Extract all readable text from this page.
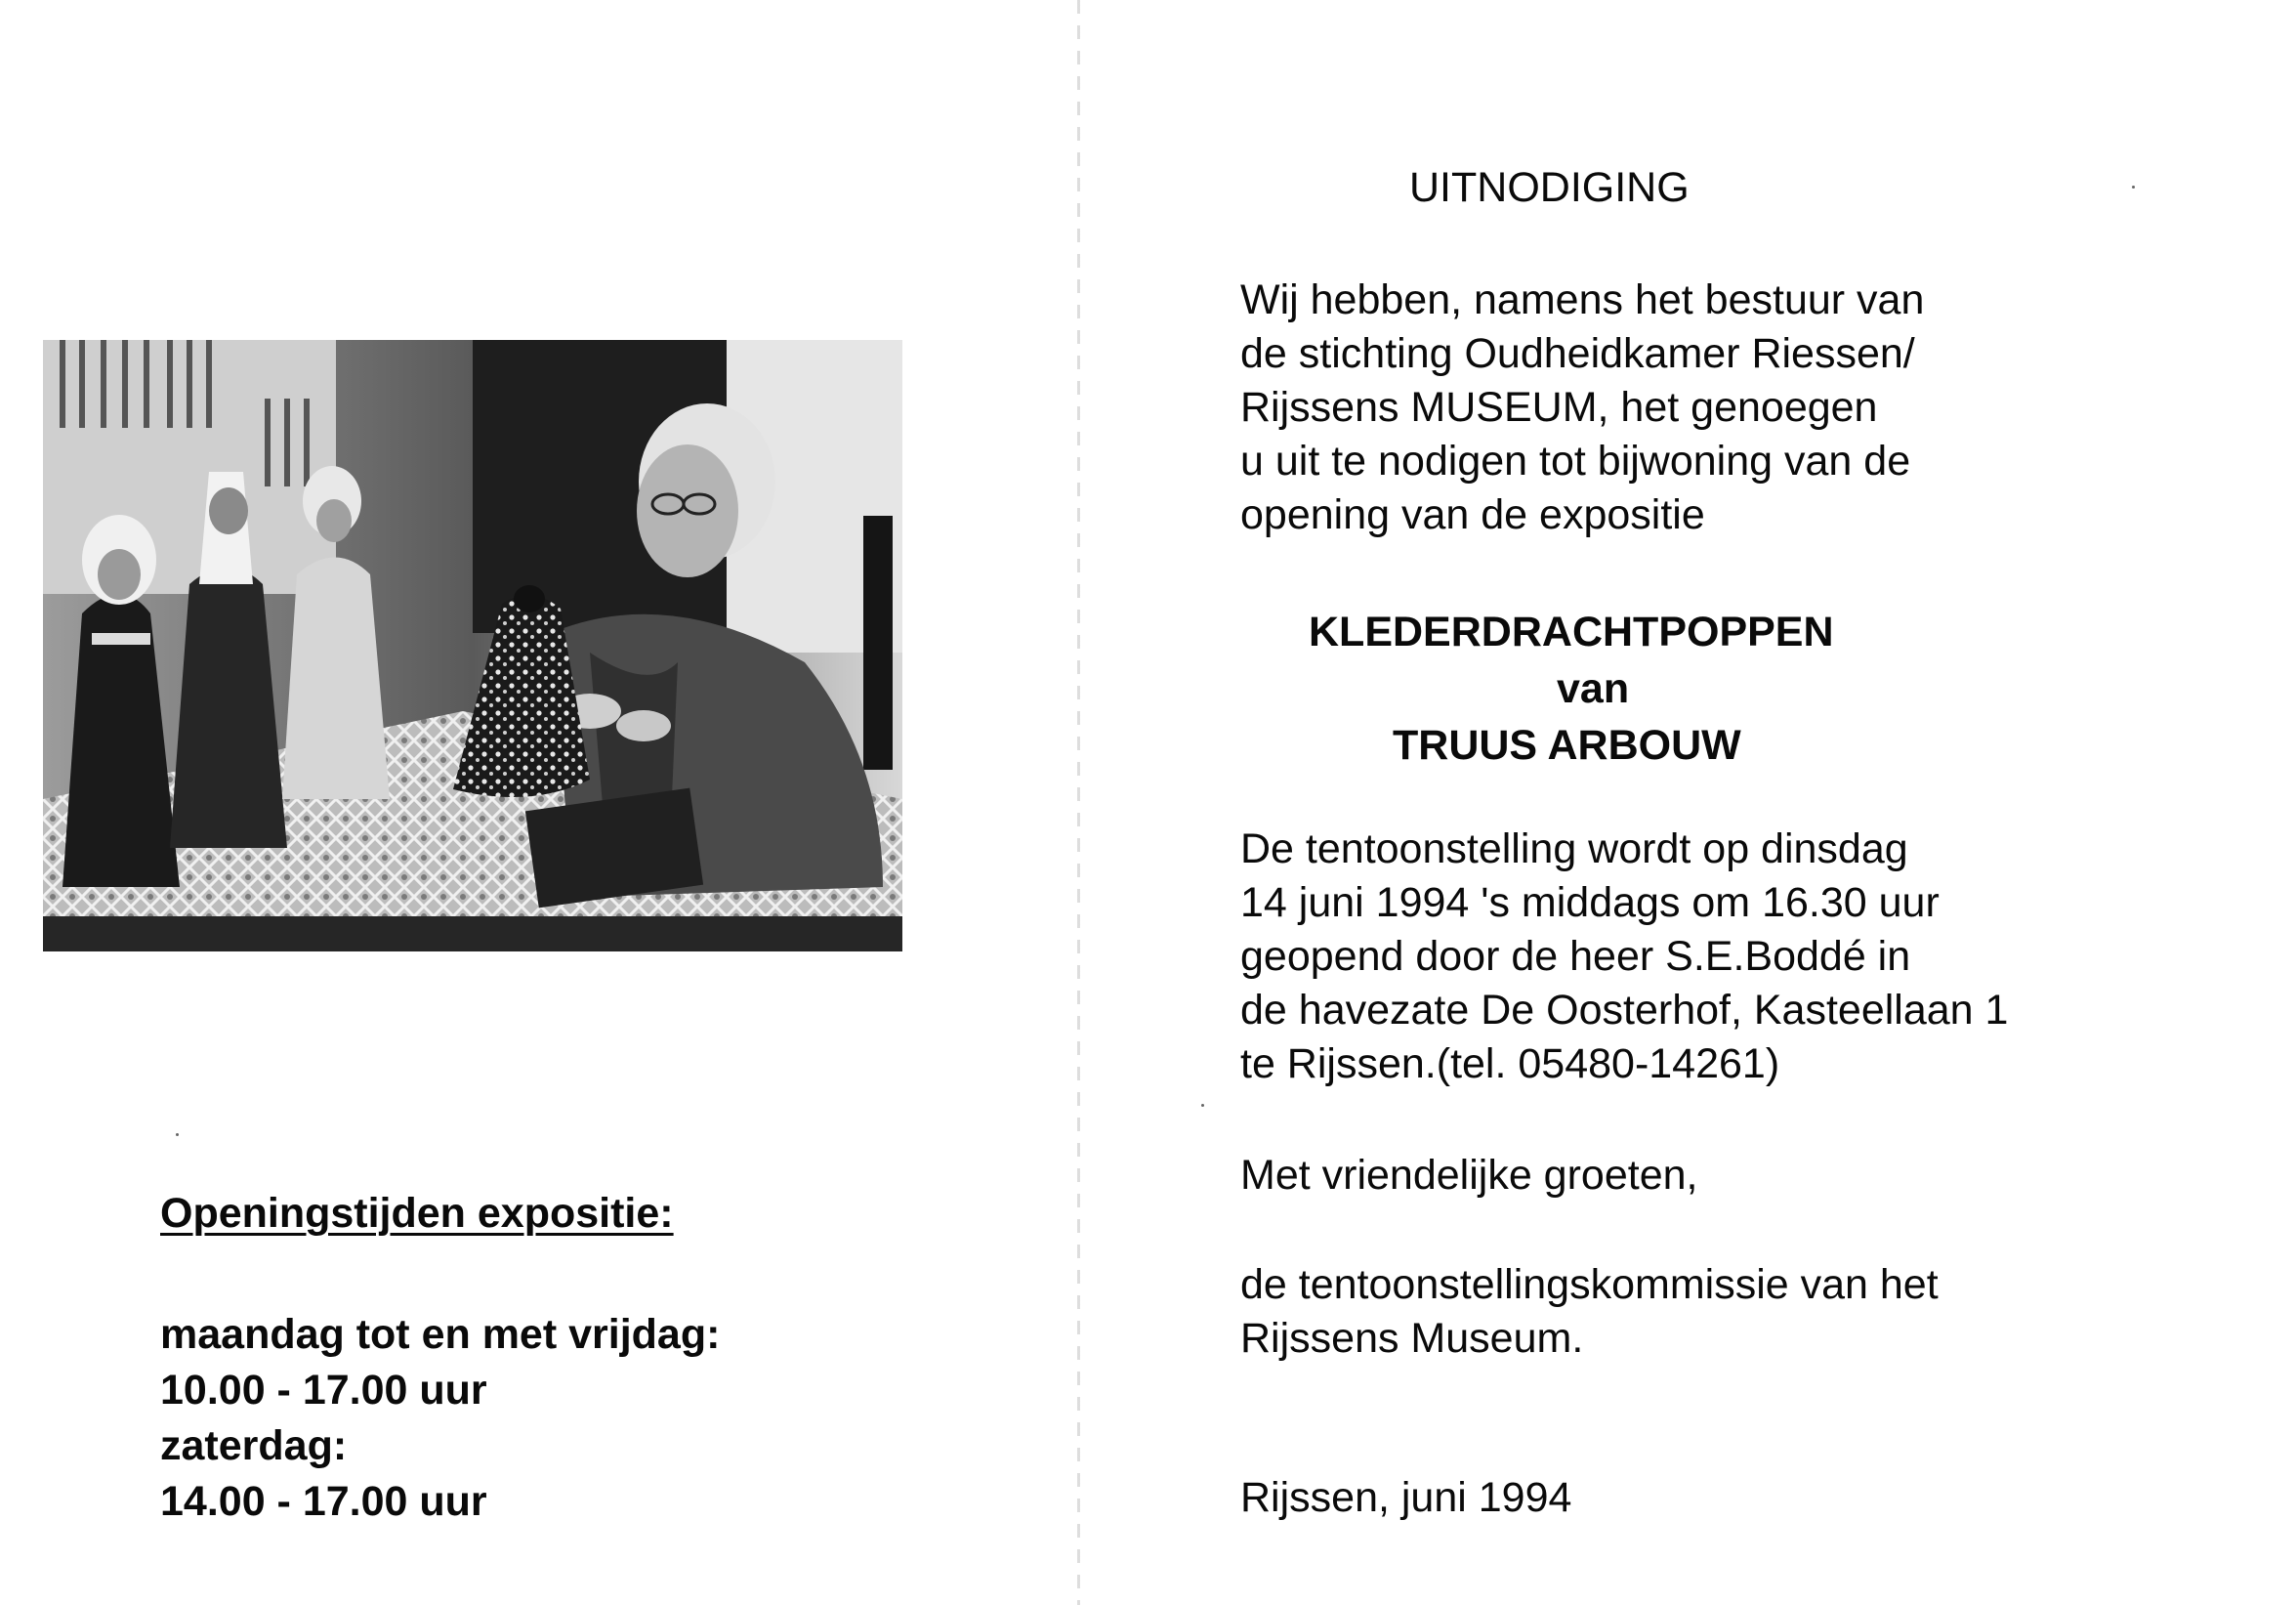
Openingstijden expositie:
maandag tot en met vrijdag:
10.00 - 17.00 uur
zaterdag:
14.00 - 17.00 uur
UITNODIGING
Wij hebben, namens het bestuur van
de stichting Oudheidkamer Riessen/
Rijssens MUSEUM, het genoegen
u uit te nodigen tot bijwoning van de
opening van de expositie
KLEDERDRACHTPOPPEN
van
TRUUS ARBOUW
De tentoonstelling wordt op dinsdag
14 juni 1994 's middags om 16.30 uur
geopend door de heer S.E.Boddé in
de havezate De Oosterhof, Kasteellaan 1
te Rijssen.(tel. 05480-14261)
Met vriendelijke groeten,
de tentoonstellingskommissie van het
Rijssens Museum.
Rijssen, juni 1994
